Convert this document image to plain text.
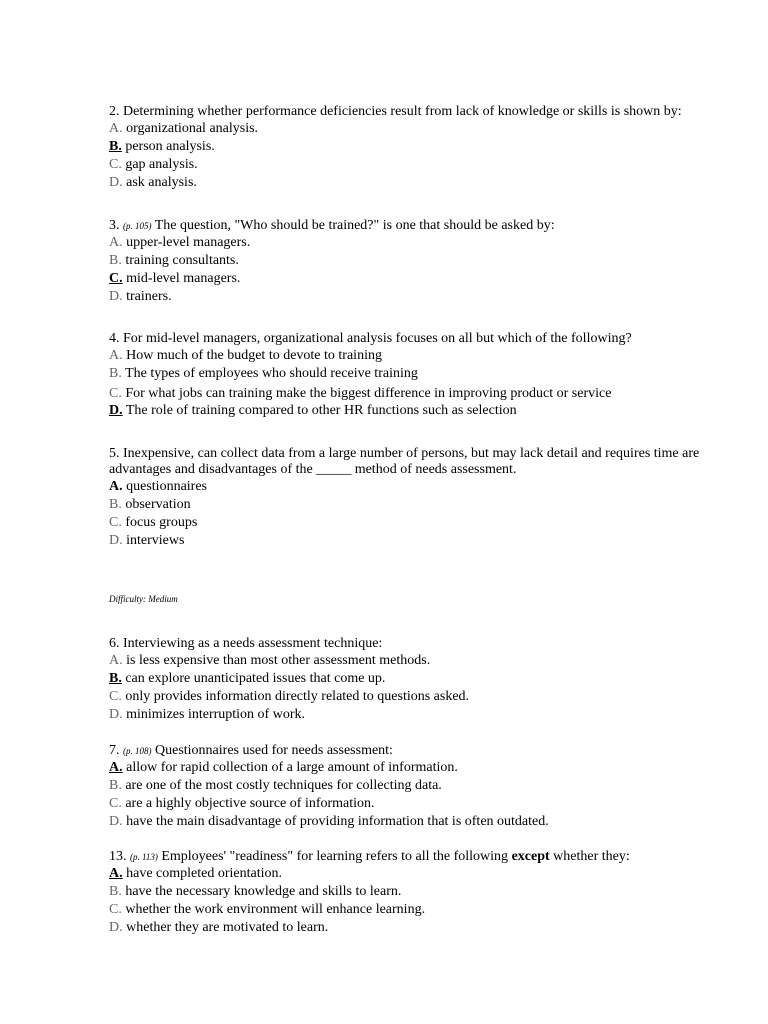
2. Determining whether performance deficiencies result from lack of knowledge or skills is shown by:

A. organizational analysis.

B. person analysis.

C. gap analysis.

D. ask analysis.

3. (p. 105) The question, "Who should be trained?" is one that should be asked by:

A. upper-level managers.

B. training consultants.

C. mid-level managers.

D. trainers.

4. For mid-level managers, organizational analysis focuses on all but which of the following?

A. How much of the budget to devote to training

B. The types of employees who should receive training

C. For what jobs can training make the biggest difference in improving product or service

D. The role of training compared to other HR functions such as selection

5. Inexpensive, can collect data from a large number of persons, but may lack detail and requires time are advantages and disadvantages of the _____ method of needs assessment.

A. questionnaires

B. observation

C. focus groups

D. interviews

Difficulty: Medium

6. Interviewing as a needs assessment technique:

A. is less expensive than most other assessment methods.

B. can explore unanticipated issues that come up.

C. only provides information directly related to questions asked.

D. minimizes interruption of work.

7. (p. 108) Questionnaires used for needs assessment:

A. allow for rapid collection of a large amount of information.

B. are one of the most costly techniques for collecting data.

C. are a highly objective source of information.

D. have the main disadvantage of providing information that is often outdated.

13. (p. 113) Employees' "readiness" for learning refers to all the following except whether they:

A. have completed orientation.

B. have the necessary knowledge and skills to learn.

C. whether the work environment will enhance learning.

D. whether they are motivated to learn.
